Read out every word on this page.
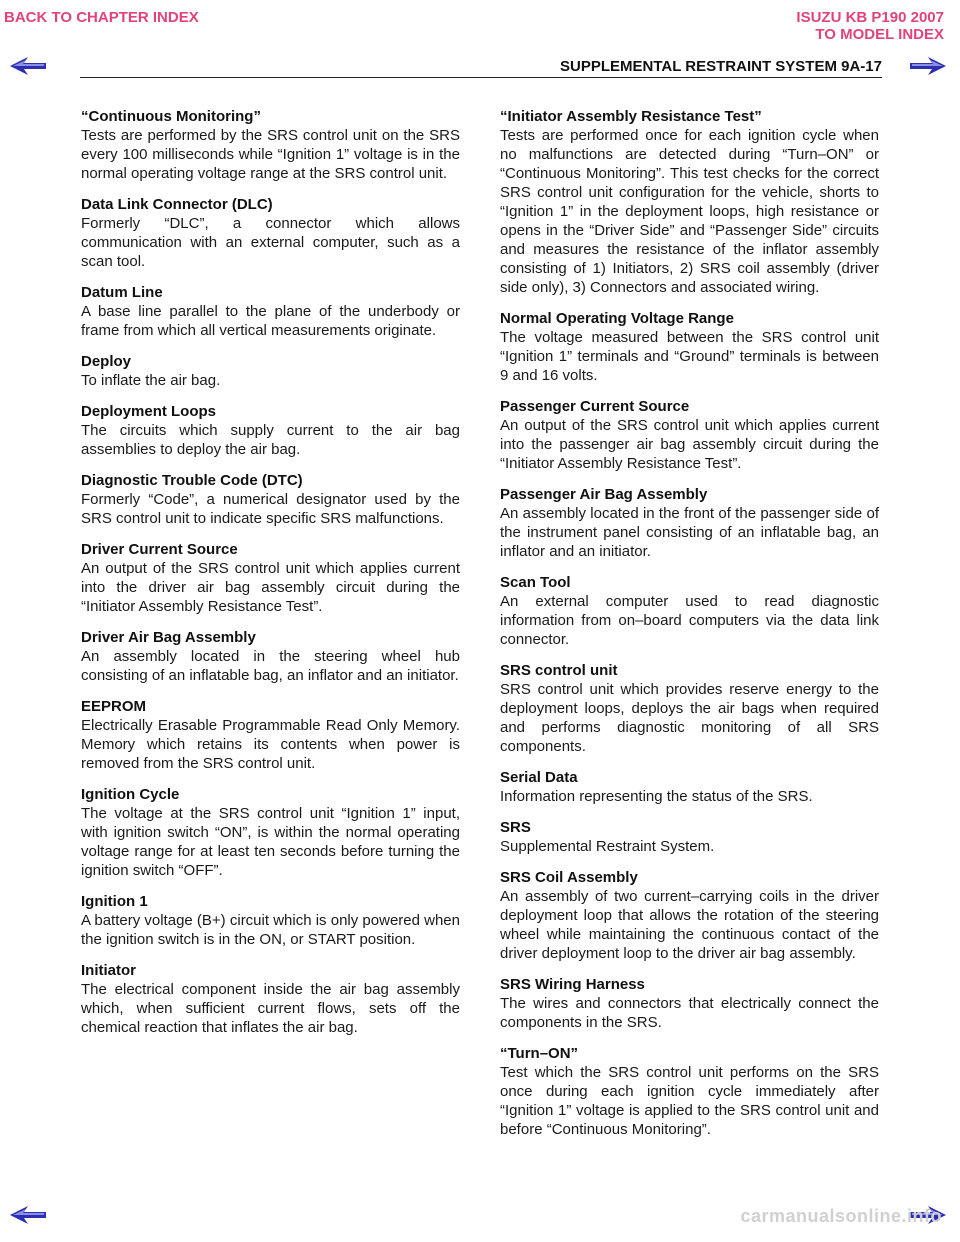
BACK TO CHAPTER INDEX	ISUZU KB P190 2007
TO MODEL INDEX
SUPPLEMENTAL RESTRAINT SYSTEM 9A-17
“Continuous Monitoring”
Tests are performed by the SRS control unit on the SRS every 100 milliseconds while “Ignition 1” voltage is in the normal operating voltage range at the SRS control unit.
Data Link Connector (DLC)
Formerly “DLC”, a connector which allows communication with an external computer, such as a scan tool.
Datum Line
A base line parallel to the plane of the underbody or frame from which all vertical measurements originate.
Deploy
To inflate the air bag.
Deployment Loops
The circuits which supply current to the air bag assemblies to deploy the air bag.
Diagnostic Trouble Code (DTC)
Formerly “Code”, a numerical designator used by the SRS control unit to indicate specific SRS malfunctions.
Driver Current Source
An output of the SRS control unit which applies current into the driver air bag assembly circuit during the “Initiator Assembly Resistance Test”.
Driver Air Bag Assembly
An assembly located in the steering wheel hub consisting of an inflatable bag, an inflator and an initiator.
EEPROM
Electrically Erasable Programmable Read Only Memory. Memory which retains its contents when power is removed from the SRS control unit.
Ignition Cycle
The voltage at the SRS control unit “Ignition 1” input, with ignition switch “ON”, is within the normal operating voltage range for at least ten seconds before turning the ignition switch “OFF”.
Ignition 1
A battery voltage (B+) circuit which is only powered when the ignition switch is in the ON, or START position.
Initiator
The electrical component inside the air bag assembly which, when sufficient current flows, sets off the chemical reaction that inflates the air bag.
“Initiator Assembly Resistance Test”
Tests are performed once for each ignition cycle when no malfunctions are detected during “Turn–ON” or “Continuous Monitoring”. This test checks for the correct SRS control unit configuration for the vehicle, shorts to “Ignition 1” in the deployment loops, high resistance or opens in the “Driver Side” and “Passenger Side” circuits and measures the resistance of the inflator assembly consisting of 1) Initiators, 2) SRS coil assembly (driver side only), 3) Connectors and associated wiring.
Normal Operating Voltage Range
The voltage measured between the SRS control unit “Ignition 1” terminals and “Ground” terminals is between 9 and 16 volts.
Passenger Current Source
An output of the SRS control unit which applies current into the passenger air bag assembly circuit during the “Initiator Assembly Resistance Test”.
Passenger Air Bag Assembly
An assembly located in the front of the passenger side of the instrument panel consisting of an inflatable bag, an inflator and an initiator.
Scan Tool
An external computer used to read diagnostic information from on–board computers via the data link connector.
SRS control unit
SRS control unit which provides reserve energy to the deployment loops, deploys the air bags when required and performs diagnostic monitoring of all SRS components.
Serial Data
Information representing the status of the SRS.
SRS
Supplemental Restraint System.
SRS Coil Assembly
An assembly of two current–carrying coils in the driver deployment loop that allows the rotation of the steering wheel while maintaining the continuous contact of the driver deployment loop to the driver air bag assembly.
SRS Wiring Harness
The wires and connectors that electrically connect the components in the SRS.
“Turn–ON”
Test which the SRS control unit performs on the SRS once during each ignition cycle immediately after “Ignition 1” voltage is applied to the SRS control unit and before “Continuous Monitoring”.
carmanualsonline.info
